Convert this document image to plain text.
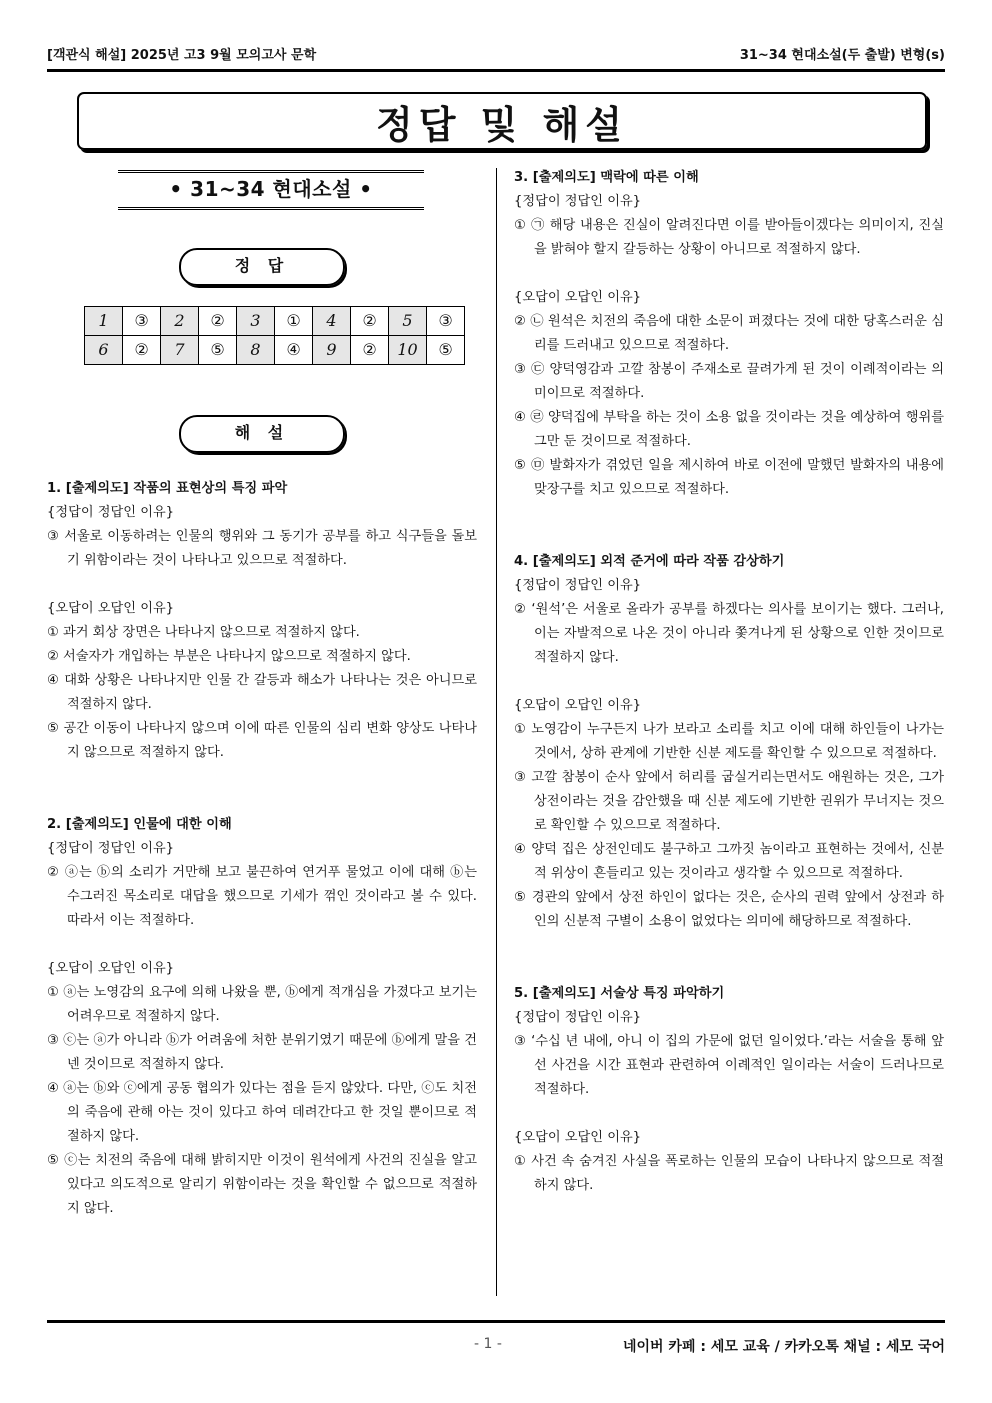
[객관식 해설] 2025년 고3 9월 모의고사 문학	31~34 현대소설(두 출발) 변형(s)
정답 및 해설
• 31~34 현대소설 •
정 답
1	③	2	②	3	①	4	②	5	③
6	②	7	⑤	8	④	9	②	10	⑤
해 설
1. [출제의도] 작품의 표현상의 특징 파악
{정답이 정답인 이유}
③ 서울로 이동하려는 인물의 행위와 그 동기가 공부를 하고 식구들을 돌보기 위함이라는 것이 나타나고 있으므로 적절하다.
{오답이 오답인 이유}
① 과거 회상 장면은 나타나지 않으므로 적절하지 않다.
② 서술자가 개입하는 부분은 나타나지 않으므로 적절하지 않다.
④ 대화 상황은 나타나지만 인물 간 갈등과 해소가 나타나는 것은 아니므로 적절하지 않다.
⑤ 공간 이동이 나타나지 않으며 이에 따른 인물의 심리 변화 양상도 나타나지 않으므로 적절하지 않다.
2. [출제의도] 인물에 대한 이해
{정답이 정답인 이유}
② ⓐ는 ⓑ의 소리가 거만해 보고 불끈하여 연거푸 물었고 이에 대해 ⓑ는 수그러진 목소리로 대답을 했으므로 기세가 꺾인 것이라고 볼 수 있다. 따라서 이는 적절하다.
{오답이 오답인 이유}
① ⓐ는 노영감의 요구에 의해 나왔을 뿐, ⓑ에게 적개심을 가졌다고 보기는 어려우므로 적절하지 않다.
③ ⓒ는 ⓐ가 아니라 ⓑ가 어려움에 처한 분위기였기 때문에 ⓑ에게 말을 건넨 것이므로 적절하지 않다.
④ ⓐ는 ⓑ와 ⓒ에게 공동 협의가 있다는 점을 듣지 않았다. 다만, ⓒ도 치전의 죽음에 관해 아는 것이 있다고 하여 데려간다고 한 것일 뿐이므로 적절하지 않다.
⑤ ⓒ는 치전의 죽음에 대해 밝히지만 이것이 원석에게 사건의 진실을 알고 있다고 의도적으로 알리기 위함이라는 것을 확인할 수 없으므로 적절하지 않다.
3. [출제의도] 맥락에 따른 이해
{정답이 정답인 이유}
① ㉠ 해당 내용은 진실이 알려진다면 이를 받아들이겠다는 의미이지, 진실을 밝혀야 할지 갈등하는 상황이 아니므로 적절하지 않다.
{오답이 오답인 이유}
② ㉡ 원석은 치전의 죽음에 대한 소문이 퍼졌다는 것에 대한 당혹스러운 심리를 드러내고 있으므로 적절하다.
③ ㉢ 양덕영감과 고깔 참봉이 주재소로 끌려가게 된 것이 이례적이라는 의미이므로 적절하다.
④ ㉣ 양덕집에 부탁을 하는 것이 소용 없을 것이라는 것을 예상하여 행위를 그만 둔 것이므로 적절하다.
⑤ ㉤ 발화자가 겪었던 일을 제시하여 바로 이전에 말했던 발화자의 내용에 맞장구를 치고 있으므로 적절하다.
4. [출제의도] 외적 준거에 따라 작품 감상하기
{정답이 정답인 이유}
② ‘원석’은 서울로 올라가 공부를 하겠다는 의사를 보이기는 했다. 그러나, 이는 자발적으로 나온 것이 아니라 쫓겨나게 된 상황으로 인한 것이므로 적절하지 않다.
{오답이 오답인 이유}
① 노영감이 누구든지 나가 보라고 소리를 치고 이에 대해 하인들이 나가는 것에서, 상하 관계에 기반한 신분 제도를 확인할 수 있으므로 적절하다.
③ 고깔 참봉이 순사 앞에서 허리를 굽실거리는면서도 애원하는 것은, 그가 상전이라는 것을 감안했을 때 신분 제도에 기반한 권위가 무너지는 것으로 확인할 수 있으므로 적절하다.
④ 양덕 집은 상전인데도 불구하고 그까짓 놈이라고 표현하는 것에서, 신분적 위상이 흔들리고 있는 것이라고 생각할 수 있으므로 적절하다.
⑤ 경관의 앞에서 상전 하인이 없다는 것은, 순사의 권력 앞에서 상전과 하인의 신분적 구별이 소용이 없었다는 의미에 해당하므로 적절하다.
5. [출제의도] 서술상 특징 파악하기
{정답이 정답인 이유}
③ ‘수십 년 내에, 아니 이 집의 가문에 없던 일이었다.’라는 서술을 통해 앞선 사건을 시간 표현과 관련하여 이례적인 일이라는 서술이 드러나므로 적절하다.
{오답이 오답인 이유}
① 사건 속 숨겨진 사실을 폭로하는 인물의 모습이 나타나지 않으므로 적절하지 않다.
- 1 -	네이버 카페 : 세모 교육 / 카카오톡 채널 : 세모 국어
